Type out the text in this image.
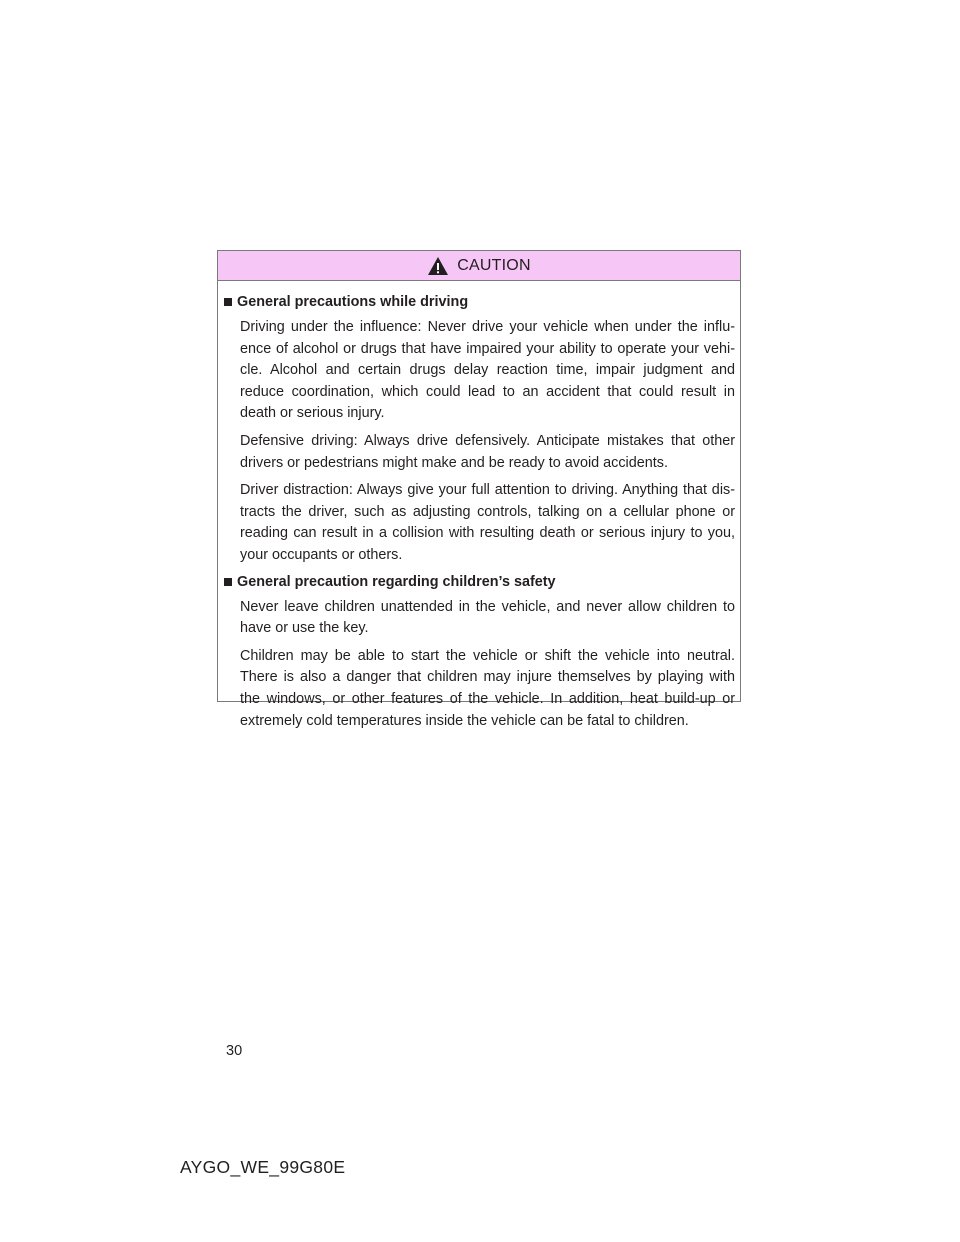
CAUTION
General precautions while driving

Driving under the influence: Never drive your vehicle when under the influ-ence of alcohol or drugs that have impaired your ability to operate your vehi-cle. Alcohol and certain drugs delay reaction time, impair judgment and reduce coordination, which could lead to an accident that could result in death or serious injury.

Defensive driving: Always drive defensively. Anticipate mistakes that other drivers or pedestrians might make and be ready to avoid accidents.

Driver distraction: Always give your full attention to driving. Anything that dis-tracts the driver, such as adjusting controls, talking on a cellular phone or reading can result in a collision with resulting death or serious injury to you, your occupants or others.

General precaution regarding children’s safety

Never leave children unattended in the vehicle, and never allow children to have or use the key.

Children may be able to start the vehicle or shift the vehicle into neutral. There is also a danger that children may injure themselves by playing with the windows, or other features of the vehicle. In addition, heat build-up or extremely cold temperatures inside the vehicle can be fatal to children.

30
AYGO_WE_99G80E
